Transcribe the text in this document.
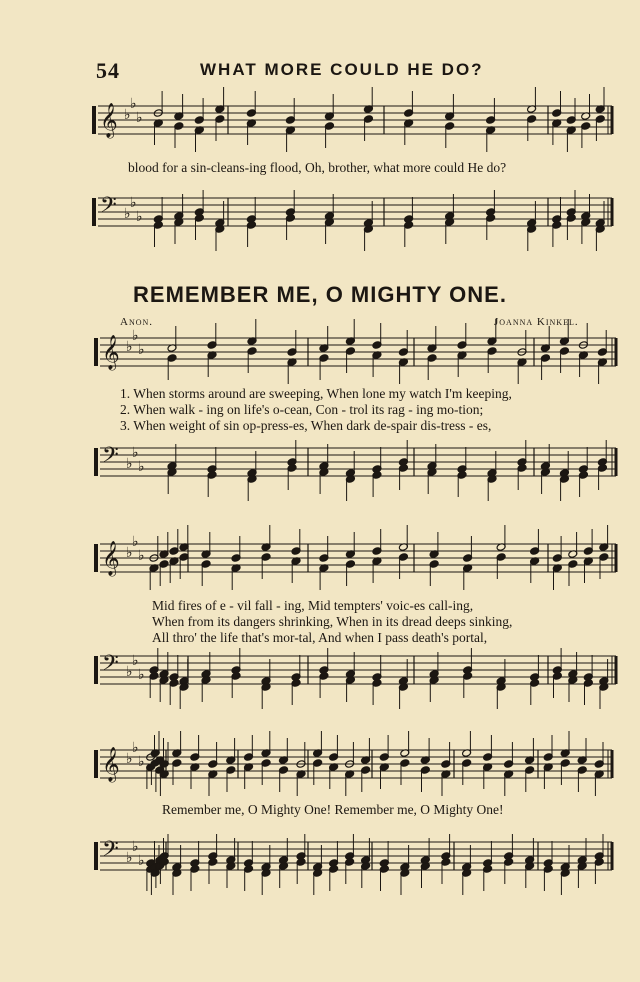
54	WHAT MORE COULD HE DO?
blood for a sin-cleans-ing flood, Oh, brother, what more could He do?
REMEMBER ME, O MIGHTY ONE.
Anon.	Joanna Kinkel.
1. When storms around are sweeping, When lone my watch I'm keeping,
2. When walk - ing on life's o-cean, Con - trol its rag - ing mo-tion;
3. When weight of sin op-press-es, When dark de-spair dis-tress - es,
Mid fires of e - vil fall - ing, Mid tempters' voic-es call-ing,
When from its dangers shrinking, When in its dread deeps sinking,
All thro' the life that's mor-tal, And when I pass death's portal,
Remember me, O Mighty One! Remember me, O Mighty One!
𝄞
𝄢
♭
♭
♭
♭
♭
♭
𝄞
𝄢
♭
♭
♭
♭
♭
♭
𝄞
𝄢
♭
♭
♭
♭
♭
♭
𝄞
𝄢
♭
♭
♭
♭
♭
♭
